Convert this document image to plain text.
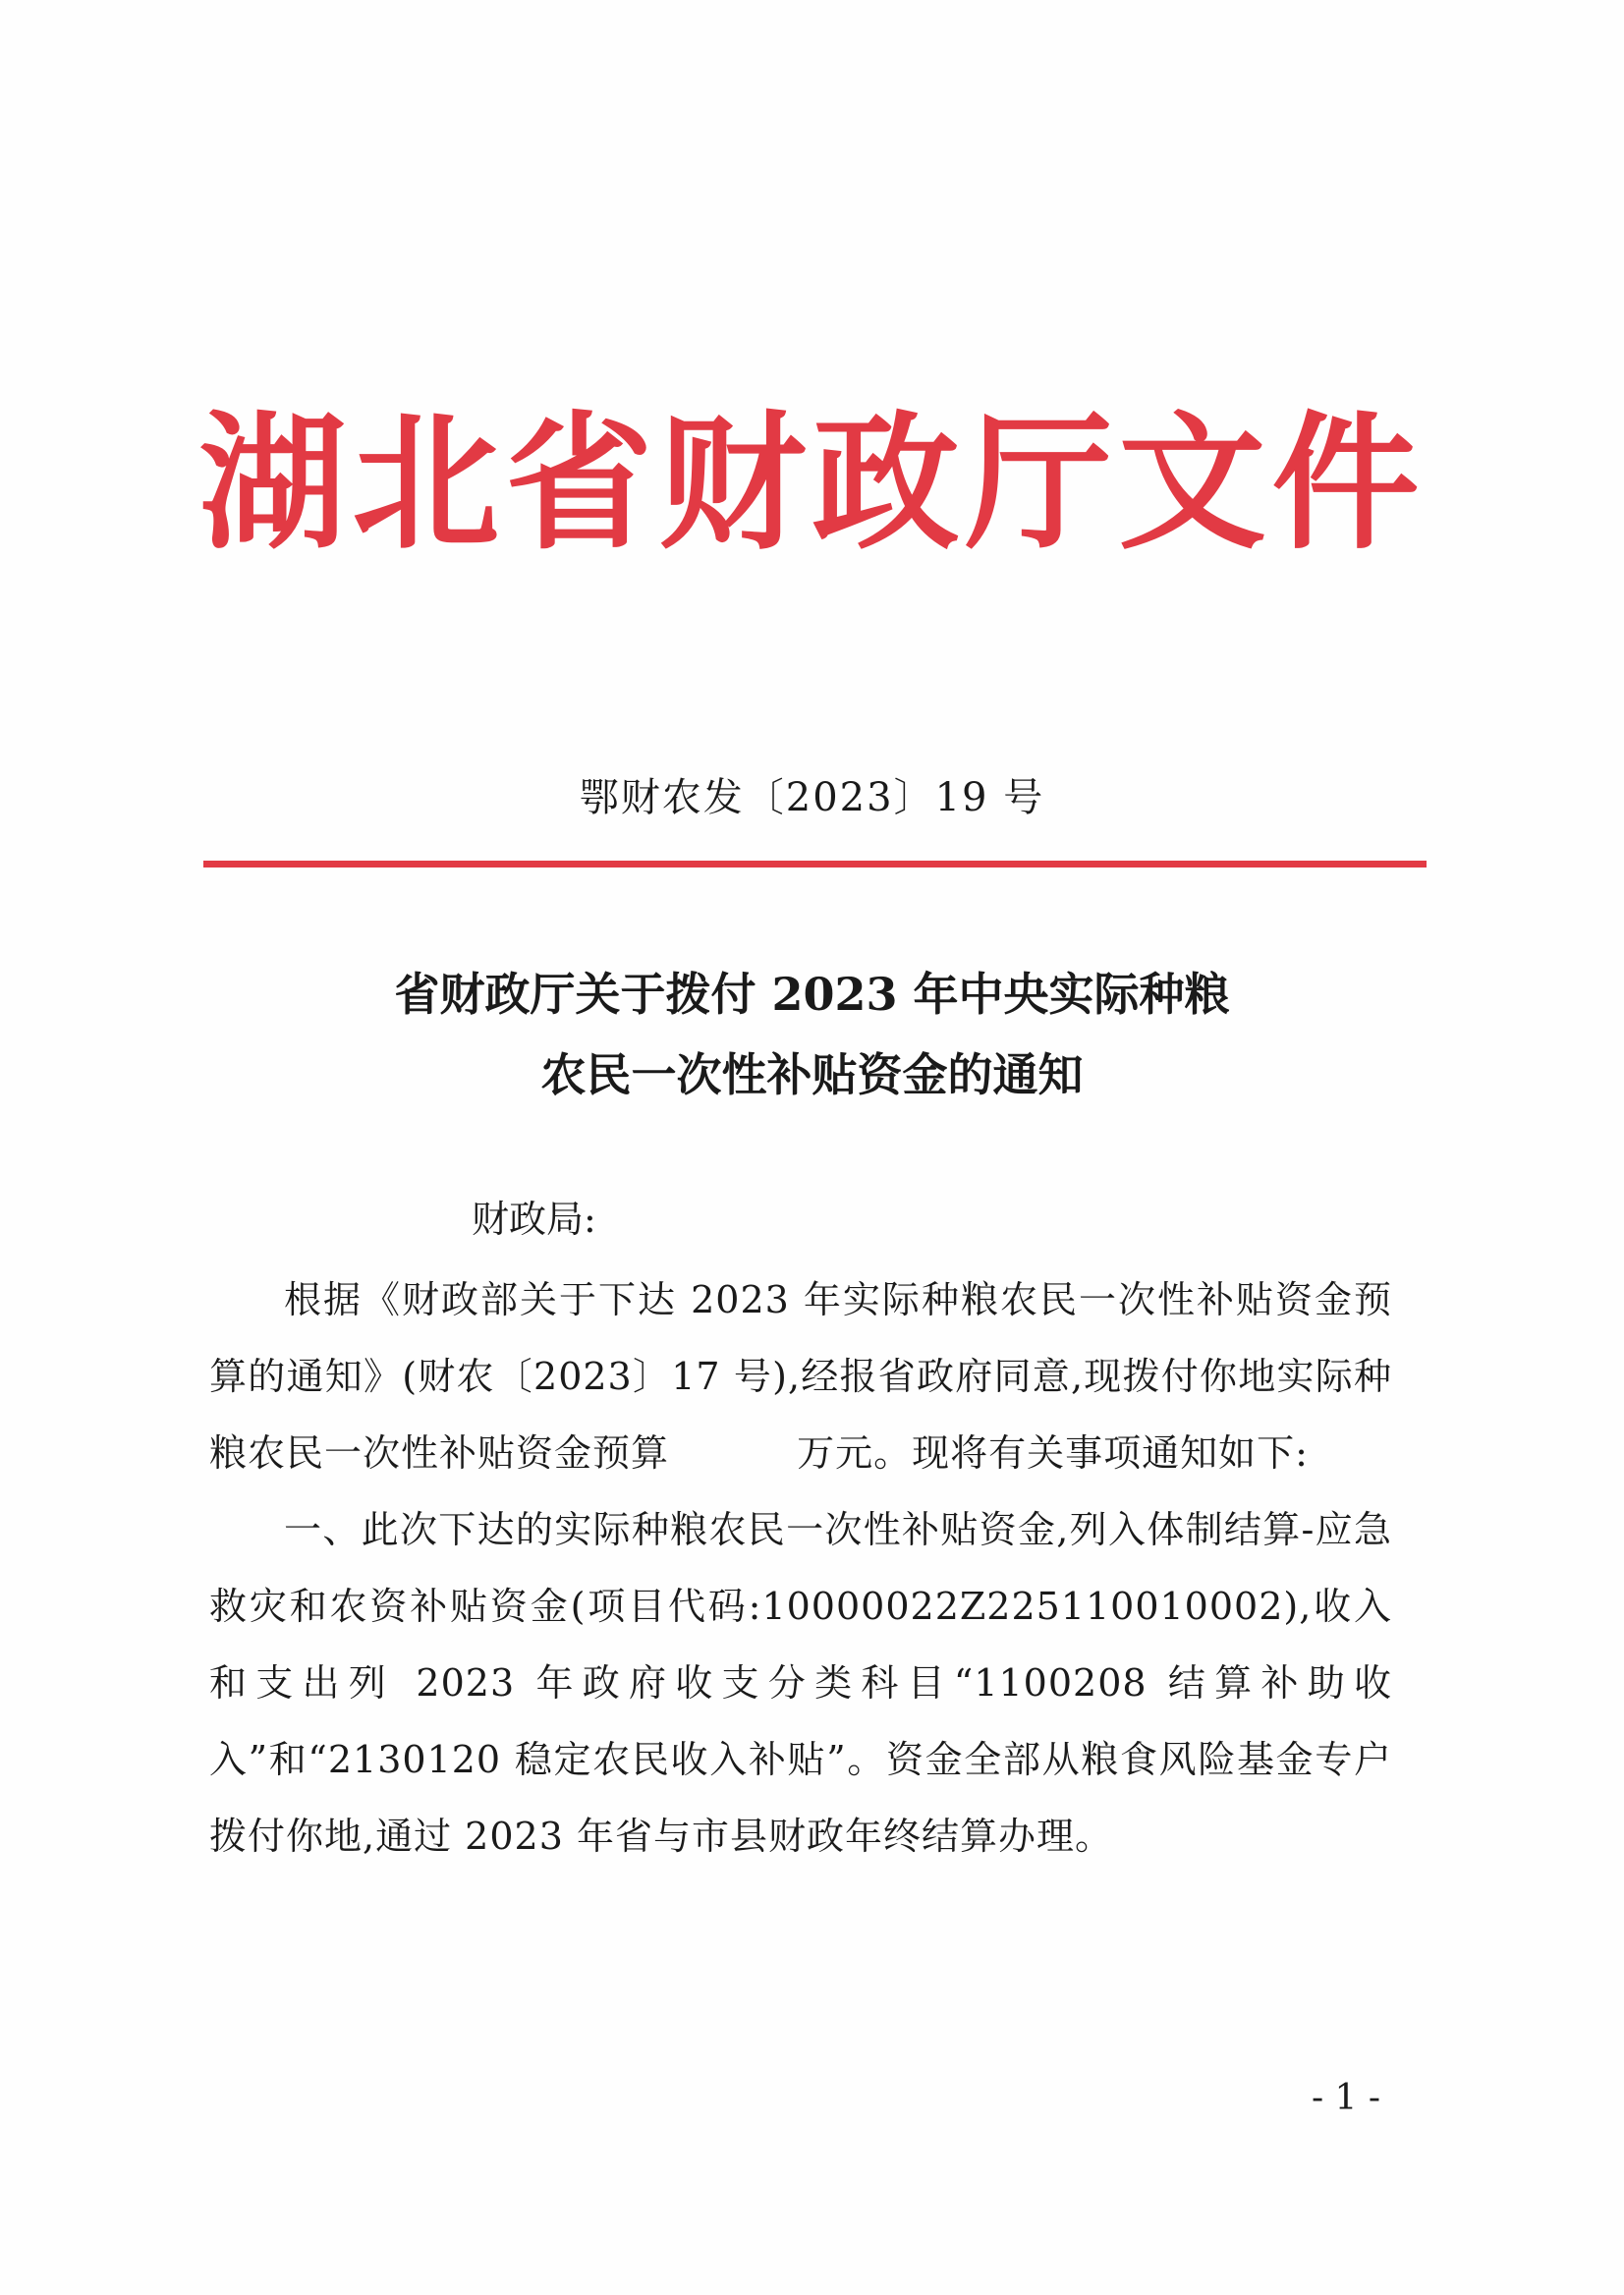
湖北省财政厅文件
鄂财农发〔2023〕19 号
省财政厅关于拨付 2023 年中央实际种粮
农民一次性补贴资金的通知
财政局:

根据《财政部关于下达 2023 年实际种粮农民一次性补贴资金预算的通知》(财农〔2023〕17 号),经报省政府同意,现拨付你地实际种粮农民一次性补贴资金预算　　　 万元。现将有关事项通知如下:

一、此次下达的实际种粮农民一次性补贴资金,列入体制结算-应急救灾和农资补贴资金(项目代码:10000022Z225110010002),收入和支出列 2023 年政府收支分类科目“1100208 结算补助收入”和“2130120 稳定农民收入补贴”。资金全部从粮食风险基金专户拨付你地,通过 2023 年省与市县财政年终结算办理。

- 1 -
